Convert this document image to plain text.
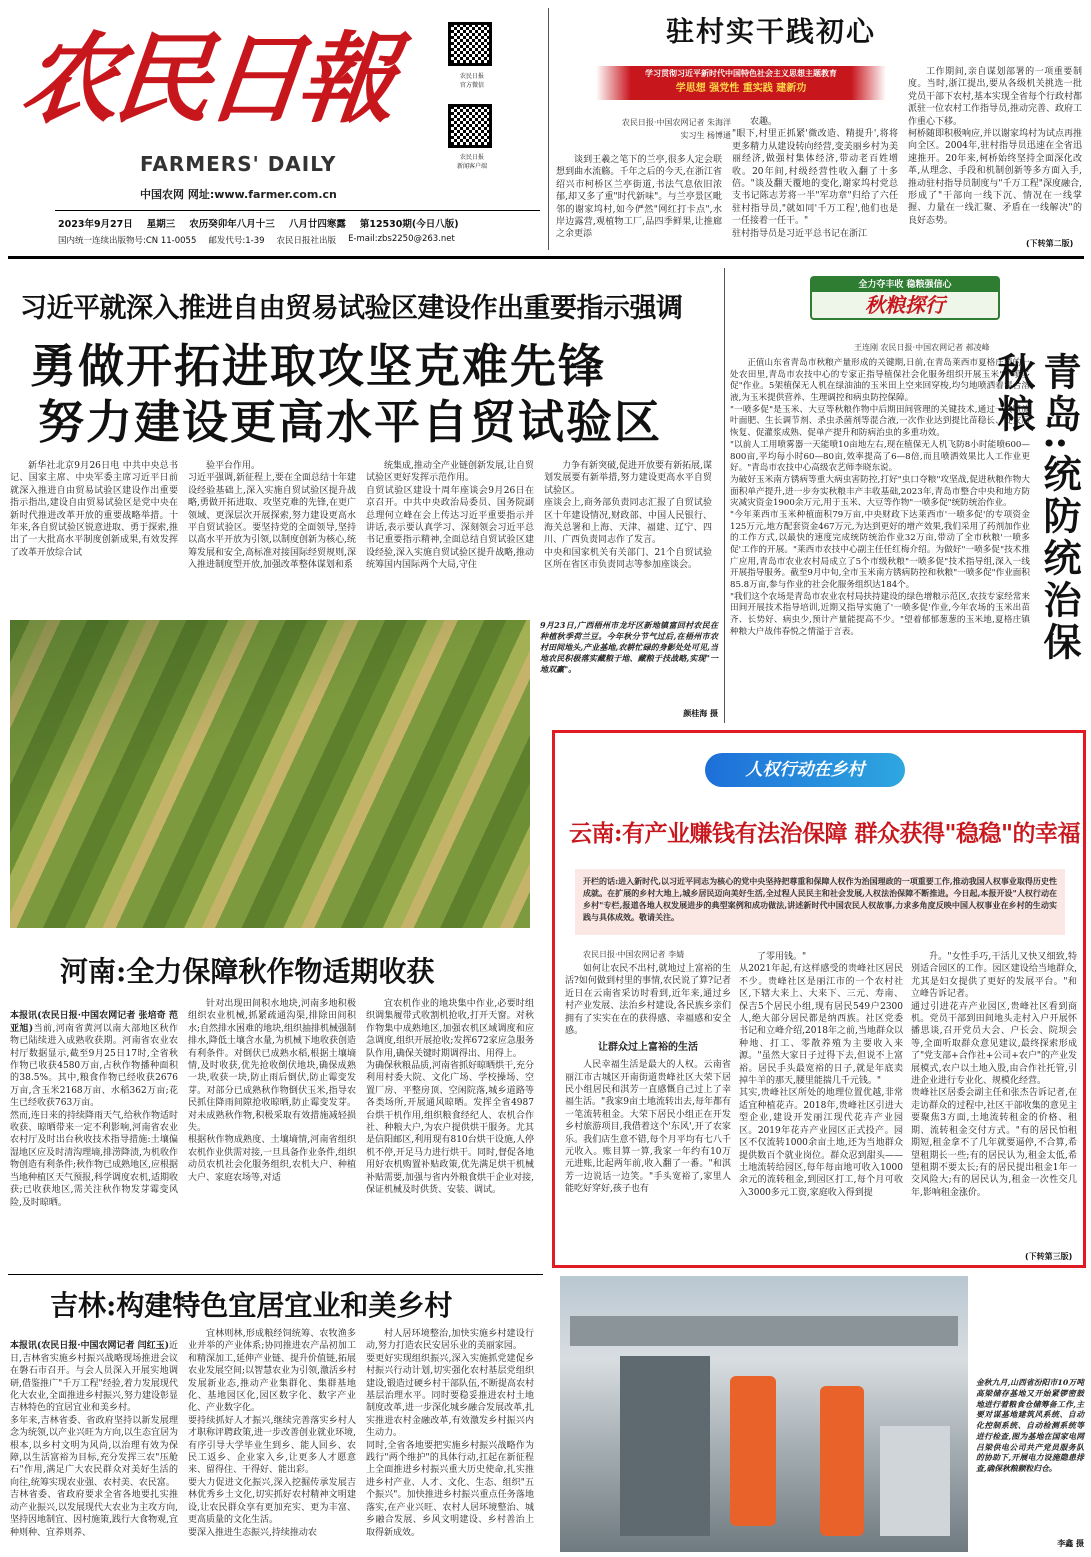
农民日報
FARMERS' DAILY
中国农网 网址:www.farmer.com.cn
农民日报
官方微信
农民日报
新闻客户端
2023年9月27日 星期三 农历癸卯年八月十三 八月廿四寒露 第12530期(今日八版)
国内统一连续出版物号:CN 11-0055 邮发代号:1-39 农民日报社出版 E-mail:zbs2250@263.net
驻村实干践初心
学习贯彻习近平新时代中国特色社会主义思想主题教育
学思想 强党性 重实践 建新功
农民日报·中国农网记者 朱海洋
实习生 杨博通
谈到王羲之笔下的兰亭,很多人定会联想到曲水流觞。千年之后的今天,在浙江省绍兴市柯桥区兰亭街道,书法气息依旧浓郁,却又多了重"时代新味"。与兰亭景区毗邻的谢家坞村,如今俨然"网红打卡点",水岸边露营,观植物工厂,品四季鲜果,让推廊之余更添
农趣。
"眼下,村里正抓紧'微改造、精提升',将将更多精力从建设转向经营,变美丽乡村为美丽经济,做强村集体经济,带动老百姓增收。20年间,村级经营性收入翻了十多倍。"谈及翻天覆地的变化,谢家坞村党总支书记陈志芳将一半"军功章"归给了六任驻村指导员,"就如同'千万工程',他们也是一任接着一任干。"
驻村指导员是习近平总书记在浙江
工作期间,亲自谋划部署的一项重要制度。当时,浙江提出,要从各级机关挑选一批党员干部下农村,基本实现全省每个行政村都派驻一位农村工作指导员,推动完善、政府工作重心下移。
柯桥随即积极响应,并以谢家坞村为试点再推向全区。2004年,驻村指导员迅速在全省迅速推开。20年来,柯桥始终坚持全面深化改革,从理念、手段和机制创新等多方面入手,推动驻村指导员制度与"千万工程"深度融合,形成了"干部向一线下沉、情况在一线掌握、力量在一线汇聚、矛盾在一线解决"的良好态势。
(下转第二版)
习近平就深入推进自由贸易试验区建设作出重要指示强调
勇做开拓进取攻坚克难先锋
努力建设更高水平自贸试验区
新华社北京9月26日电 中共中央总书记、国家主席、中央军委主席习近平日前就深入推进自由贸易试验区建设作出重要指示指出,建设自由贸易试验区是党中央在新时代推进改革开放的重要战略举措。十年来,各自贸试验区锐意进取、勇于探索,推出了一大批高水平制度创新成果,有效发挥了改革开放综合试
验平台作用。
习近平强调,新征程上,要在全面总结十年建设经验基础上,深入实施自贸试验区提升战略,勇做开拓进取、攻坚克难的先锋,在更广领域、更深层次开展探索,努力建设更高水平自贸试验区。要坚持党的全面领导,坚持以高水平开放为引领,以制度创新为核心,统筹发展和安全,高标准对接国际经贸规则,深入推进制度型开放,加强改革整体谋划和系
统集成,推动全产业链创新发展,让自贸试验区更好发挥示范作用。
自贸试验区建设十周年座谈会9月26日在京召开。中共中央政治局委员、国务院副总理何立峰在会上传达习近平重要指示并讲话,表示要认真学习、深刻领会习近平总书记重要指示精神,全面总结自贸试验区建设经验,深入实施自贸试验区提升战略,推动统筹国内国际两个大局,守住
力争有新突破,促进开放要有新拓展,谋划发展要有新举措,努力建设更高水平自贸试验区。
座谈会上,商务部负责同志汇报了自贸试验区十年建设情况,财政部、中国人民银行、海关总署和上海、天津、福建、辽宁、四川、广西负责同志作了发言。
中央和国家机关有关部门、21个自贸试验区所在省区市负责同志等参加座谈会。
9月23日,广西梧州市龙圩区新地镇富回村农民在种植秋季荷兰豆。今年秋分节气过后,在梧州市农村田间地头,产业基地,农耕忙碌的身影处处可见,当地农民积极落实藏粮于地、藏粮于技战略,实现"一地双赢"。
颜桂海 摄
全力夺丰收 稳粮强信心
秋粮探行
王连刚 农民日报·中国农网记者 郝凌峰
正值山东省青岛市秋粮产量形成的关键期,日前,在青岛莱西市夏格庄镇的一处农田里,青岛市农技中心的专家正指导植保社会化服务组织开展玉米"一喷多促"作业。5架植保无人机在绿油油的玉米田上空来回穿梭,均匀地喷洒着混合溶液,为玉米提供营养、生理调控和病虫防控保障。
"一喷多促"是玉米、大豆等秋粮作物中后期田间管理的关键技术,通过一次喷施叶面肥、生长调节剂、杀虫杀菌剂等混合液,一次作业达到提比苗稳长、促灾后恢复、促灌浆成熟、促单产提升和防病治虫的多重功效。
"以前人工用喷雾器一天能喷10亩地左右,现在植保无人机飞防8小时能喷600—800亩,平均每小时60—80亩,效率提高了6—8倍,而且喷洒效果比人工作业更好。"青岛市农技中心高级农艺师李晓东说。
为破好玉米南方锈病等重大病虫害防控,打好"虫口夺粮"攻坚战,促进秋粮作物大面积单产提升,进一步夯实秋粮丰产丰收基础,2023年,青岛市整合中央和地方防灾减灾资金1900余万元,用于玉米、大豆等作物"一喷多促"统防统治作业。
"今年莱西市玉米种植面积79万亩,中央财政下达莱西市'一喷多促'的专项资金125万元,地方配套资金467万元,为达到更好的增产效果,我们采用了药剂加作业的工作方式,以最快的速度完成统防统治作业32万亩,带动了全市秋粮'一喷多促'工作的开展。"莱西市农技中心副主任任红梅介绍。为做好"一喷多促"技术推广应用,青岛市农业农村局成立了5个市级秋粮"一喷多促"技术指导组,深入一线开展指导服务。截至9月中旬,全市玉米南方锈病防控和秋粮"一喷多促"作业面积85.8万亩,参与作业的社会化服务组织达184个。
"我们这个农场是青岛市农业农村局扶持建设的绿色增粮示范区,农技专家经常来田间开展技术指导培训,近期又指导实施了'一喷多促'作业,今年农场的玉米出苗齐、长势好、病虫少,预计产量能提高不少。"望着郁郁葱葱的玉米地,夏格庄镇种粮大户战伟春悦之情溢于言表。	青岛:统防统治保秋粮
人权行动在乡村
云南:有产业赚钱有法治保障 群众获得"稳稳"的幸福
开栏的话:进入新时代,以习近平同志为核心的党中央坚持把尊重和保障人权作为治国理政的一项重要工作,推动我国人权事业取得历史性成就。在扩展的乡村大地上,城乡居民迈向美好生活,全过程人民民主和社会发展,人权法治保障不断推进。今日起,本报开设"人权行动在乡村"专栏,报道各地人权发展进步的典型案例和成功做法,讲述新时代中国农民人权故事,力求多角度反映中国人权事业在乡村的生动实践与具体成效。敬请关注。
农民日报·中国农网记者 李婧
如何让农民不出村,就地过上富裕的生活?如何做到村里的事情,农民说了算?记者近日在云南省采访时看到,近年来,通过乡村产业发展、法治乡村建设,各民族乡亲们拥有了实实在在的获得感、幸福感和安全感。
让群众过上富裕的生活
人民幸福生活是最大的人权。云南省丽江市古城区开南街道贵峰社区大荣下居民小组居民和淇芳一直感慨自己过上了幸福生活。"我家9亩土地流转出去,每年都有一笔流转租金。大荣下居民小组正在开发乡村旅游项目,我借着这个'东风',开了农家乐。我们店生意不错,每个月平均有七八千元收入。账目算一算,我家一年约有10万元进账,比起两年前,收入翻了一番。"和淇芳一边说话一边笑。"手头宽裕了,家里人能吃好穿好,孩子也有
了零用钱。"
从2021年起,有这样感受的贵峰社区居民不少。贵峰社区是丽江市的一个农村社区,下辖大来上、大来下、三元、寿南、保吉5个居民小组,现有居民549户2300人,绝大部分居民都是纳西族。社区党委书记和立峰介绍,2018年之前,当地群众以种地、打工、零散养殖为主要收入来源。"虽然大家日子过得下去,但说不上富裕。居民手头最宽裕的日子,就是年底卖掉牛羊的那天,腰里能揣几千元钱。"
其实,贵峰社区所处的地理位置优越,非常适宜种植花卉。2018年,贵峰社区引进大型企业,建设开发丽江现代花卉产业园区。2019年花卉产业园区正式投产。园区不仅流转1000余亩土地,还为当地群众提供数百个就业岗位。群众忍到甜头——土地流转给园区,每年每亩地可收入1000余元的流转租金,到园区打工,每个月可收入3000多元工资,家庭收入得到提
升。"女性手巧,干活儿又快又细致,特别适合园区的工作。园区建设给当地群众,尤其是妇女提供了更好的发展平台。"和立峰告诉记者。
通过引进花卉产业园区,贵峰社区看到商机。党员干部到田间地头走村入户开展怀播思谈,召开党员大会、户长会、院坝会等,全面听取群众意见建议,最终探索形成了"党支部+合作社+公司+农户"的产业发展模式,农户以土地入股,由合作社托管,引进企业进行专业化、规模化经营。
贵峰社区居委会副主任和张杰告诉记者,在走访群众的过程中,社区干部收集的意见主要聚焦3方面,土地流转租金的价格、租期、流转租金交付方式。"有的居民怕租期短,租金拿不了几年就要逼停,不合算,希望租期长一些;有的居民认为,租金太低,希望租期不要太长;有的居民提出租金1年一交风险大;有的居民认为,租金一次性交几年,影响租金涨价。
(下转第三版)
河南:全力保障秋作物适期收获

本报讯(农民日报·中国农网记者 张培奇 范亚旭)当前,河南省黄河以南大部地区秋作物已陆续进入成熟收获期。河南省农业农村厅数据显示,截至9月25日17时,全省秋作物已收获4580万亩,占秋作物播种面积的38.5%。其中,粮食作物已经收获2676万亩,含玉米2168万亩、水稻362万亩;花生已经收获763万亩。
然而,连日来的持续降雨天气,给秋作物适时收获、晾晒带来一定不利影响,河南省农业农村厅及时出台秋收技术指导措施:土壤偏湿地区应及时清沟理墒,排涝降渍,为机收作物创造有利条件;秋作物已成熟地区,应根据当地种植区天气预报,科学调度农机,适期收获;已收获地区,需关注秋作物发芽霉变风险,及时晾晒。

针对出现田间积水地块,河南多地积极组织农业机械,抓紧疏通沟渠,排除田间积水;自然排水困难的地块,组织抽排机械强制排水,降低土壤含水量,为机械下地收获创造有利条件。对倒伏已成熟水稻,根据土壤墒情,及时收获,优先抢收倒伏地块,确保成熟一块,收获一块,防止雨后倒伏,防止霉变发芽。对部分已成熟秋作物倒伏玉米,指导农民抓住降雨间隙抢收晾晒,防止霉变发芽。对未成熟秋作物,积极采取有效措施减轻损失。
根据秋作物成熟度、土壤墒情,河南省组织农机作业供需对接,一旦具备作业条件,组织动员农机社会化服务组织,农机大户、种植大户、家庭农场等,对适
宜农机作业的地块集中作业,必要时组织调集履带式收割机抢收,打开天窗。对秋作物集中成熟地区,加强农机区域调度和应急调度,组织开展抢收;发挥672家应急服务队作用,确保关键时期调得出、用得上。
为确保秋粮品质,河南省抓好晾晒烘干,充分利用村委大院、文化广场、学校操场、空置厂房、平整房顶、空闲院落,城乡道路等各类场所,开展通风晾晒。发挥全省4987台烘干机作用,组织粮食经纪人、农机合作社、种粮大户,为农户提供烘干服务。尤其是信阳邮区,利用现有810台烘干设施,人停机不停,开足马力进行烘干。同时,督促各地用好农机购置补贴政策,优先满足烘干机械补贴需要,加强与省内外粮食烘干企业对接,保证机械及时供货、安装、调试。
吉林:构建特色宜居宜业和美乡村

本报讯(农民日报·中国农网记者 闫红玉)近日,吉林省实施乡村振兴战略现场推进会议在磐石市召开。与会人员深入开展实地调研,借鉴推广"千万工程"经验,着力发展现代化大农业,全面推进乡村振兴,努力建设彰显吉林特色的宜居宜业和美乡村。
多年来,吉林省委、省政府坚持以新发展理念为统领,以产业兴旺为方向,以生态宜居为根本,以乡村文明为风尚,以治理有效为保障,以生活富裕为目标,充分发挥三农"压舱石"作用,满足广大农民群众对美好生活的向往,统筹实现农业强、农村美、农民富。
吉林省委、省政府要求全省各地要扎实推动产业振兴,以发展现代大农业为主攻方向,坚持因地制宜、因村施策,践行大食物观,宜种则种、宜养则养、

宜林则林,形成粮经饲统筹、农牧渔多业并举的产业体系;协同推进农产品初加工和精深加工,延伸产业链、提升价值链,拓展农业发展空间;以智慧农业为引领,激活乡村发展新业态,推动产业集群化、集群基地化、基地园区化,园区数字化、数字产业化、产业数字化。
要持续抓好人才振兴,继续完善落实乡村人才职称评聘政策,进一步改善创业就业环境,有序引导大学毕业生到乡、能人回乡、农民工返乡、企业家入乡,让更多人才愿意来、留得住、干得好、能出彩。
要大力促进文化振兴,深入挖掘传承发展吉林优秀乡土文化,切实抓好农村精神文明建设,让农民群众享有更加充实、更为丰富、更高质量的文化生活。
要深入推进生态振兴,持续推动农
村人居环境整治,加快实施乡村建设行动,努力打造农民安居乐业的美丽家园。
要更好实现组织振兴,深入实施抓党建促乡村振兴行动计划,切实强化农村基层党组织建设,锻造过硬乡村干部队伍,不断提高农村基层治理水平。同时要稳妥推进农村土地制度改革,进一步深化城乡融合发展改革,扎实推进农村金融改革,有效激发乡村振兴内生动力。
同时,全省各地要把实施乡村振兴战略作为践行"两个维护"的具体行动,扛起在新征程上全面推进乡村振兴重大历史使命,扎实推进乡村产业、人才、文化、生态、组织"五个振兴"。加快推进乡村振兴重点任务落地落实,在产业兴旺、农村人居环境整治、城乡融合发展、乡风文明建设、乡村善治上取得新成效。
金秋九月,山西省汾阳市10万吨高梁储存基地又开始紧锣密鼓地进行着粮食仓储筹备工作,主要对谋基地建筑风系统、自动化控制系统、自动检测系统等进行检查,图为基地在国家电网吕梁供电公司共产党员服务队的协助下,开展电力设施隐患排查,确保秋粮颗粒归仓。
李鑫 摄
